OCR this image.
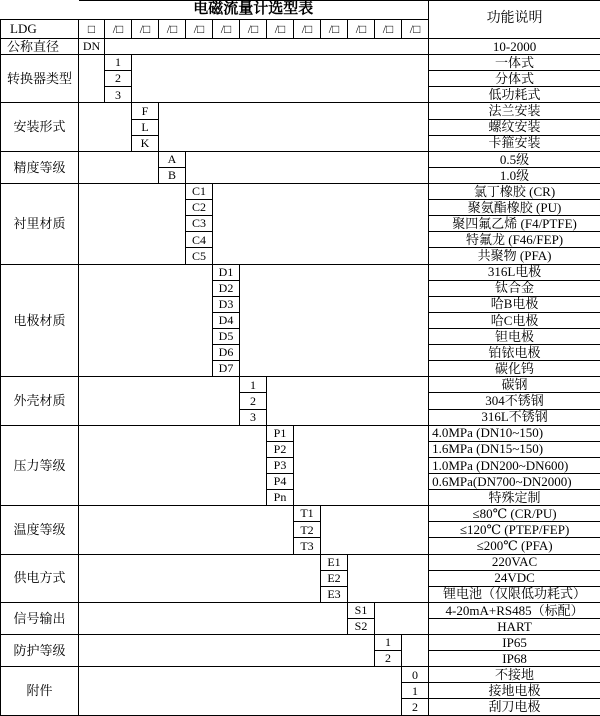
	电磁流量计选型表													功能说明
LDG	□	/□	/□	/□	/□	/□	/□	/□	/□	/□	/□	/□	/□	
公称直径	DN													10-2000
转换器类型		1												一体式
		2												分体式
		3												低功耗式
安装形式			F											法兰安装
			L											螺纹安装
			K											卡箍安装
精度等级				A										0.5级
				B										1.0级
衬里材质					C1									氯丁橡胶 (CR)
					C2									聚氨酯橡胶 (PU)
					C3									聚四氟乙烯 (F4/PTFE)
					C4									特氟龙 (F46/FEP)
					C5									共聚物 (PFA)
电极材质						D1								316L电极
						D2								钛合金
						D3								哈B电极
						D4								哈C电极
						D5								钽电极
						D6								铂铱电极
						D7								碳化钨
外壳材质							1							碳钢
							2							304不锈钢
							3							316L不锈钢
压力等级								P1						4.0MPa (DN10~150)
								P2						1.6MPa (DN15~150)
								P3						1.0MPa (DN200~DN600)
								P4						0.6MPa(DN700~DN2000)
								Pn						特殊定制
温度等级									T1					≤80℃ (CR/PU)
									T2					≤120℃ (PTEP/FEP)
									T3					≤200℃ (PFA)
供电方式										E1				220VAC
										E2				24VDC
										E3				锂电池（仅限低功耗式）
信号输出											S1			4-20mA+RS485（标配）
											S2			HART
防护等级												1		IP65
												2		IP68
附件													0	不接地
													1	接地电极
													2	刮刀电极
